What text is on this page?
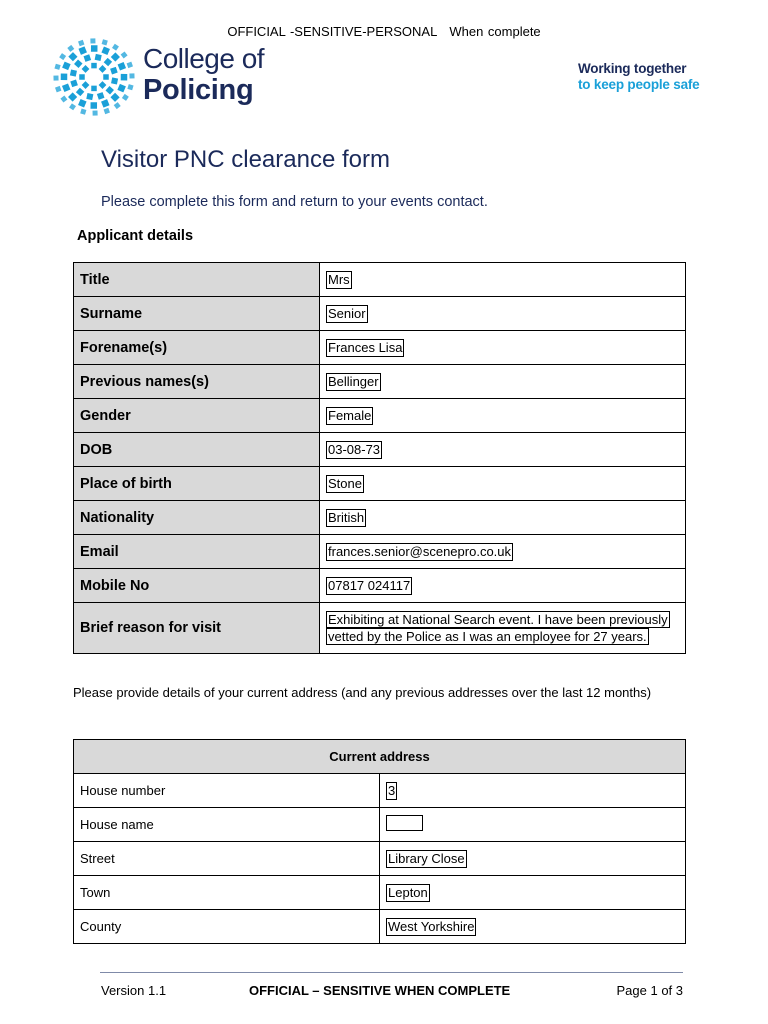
OFFICIAL -SENSITIVE-PERSONAL When complete
College of
Policing
Working together
to keep people safe
Visitor PNC clearance form
Please complete this form and return to your events contact.
Applicant details
Title	Mrs
Surname	Senior
Forename(s)	Frances Lisa
Previous names(s)	Bellinger
Gender	Female
DOB	03-08-73
Place of birth	Stone
Nationality	British
Email	frances.senior@scenepro.co.uk
Mobile No	07817 024117
Brief reason for visit	Exhibiting at National Search event. I have been previously vetted by the Police as I was an employee for 27 years.
Please provide details of your current address (and any previous addresses over the last 12 months)
Current address	
House number	3
House name	
Street	Library Close
Town	Lepton
County	West Yorkshire
Version 1.1	OFFICIAL – SENSITIVE WHEN COMPLETE	Page 1 of 3
